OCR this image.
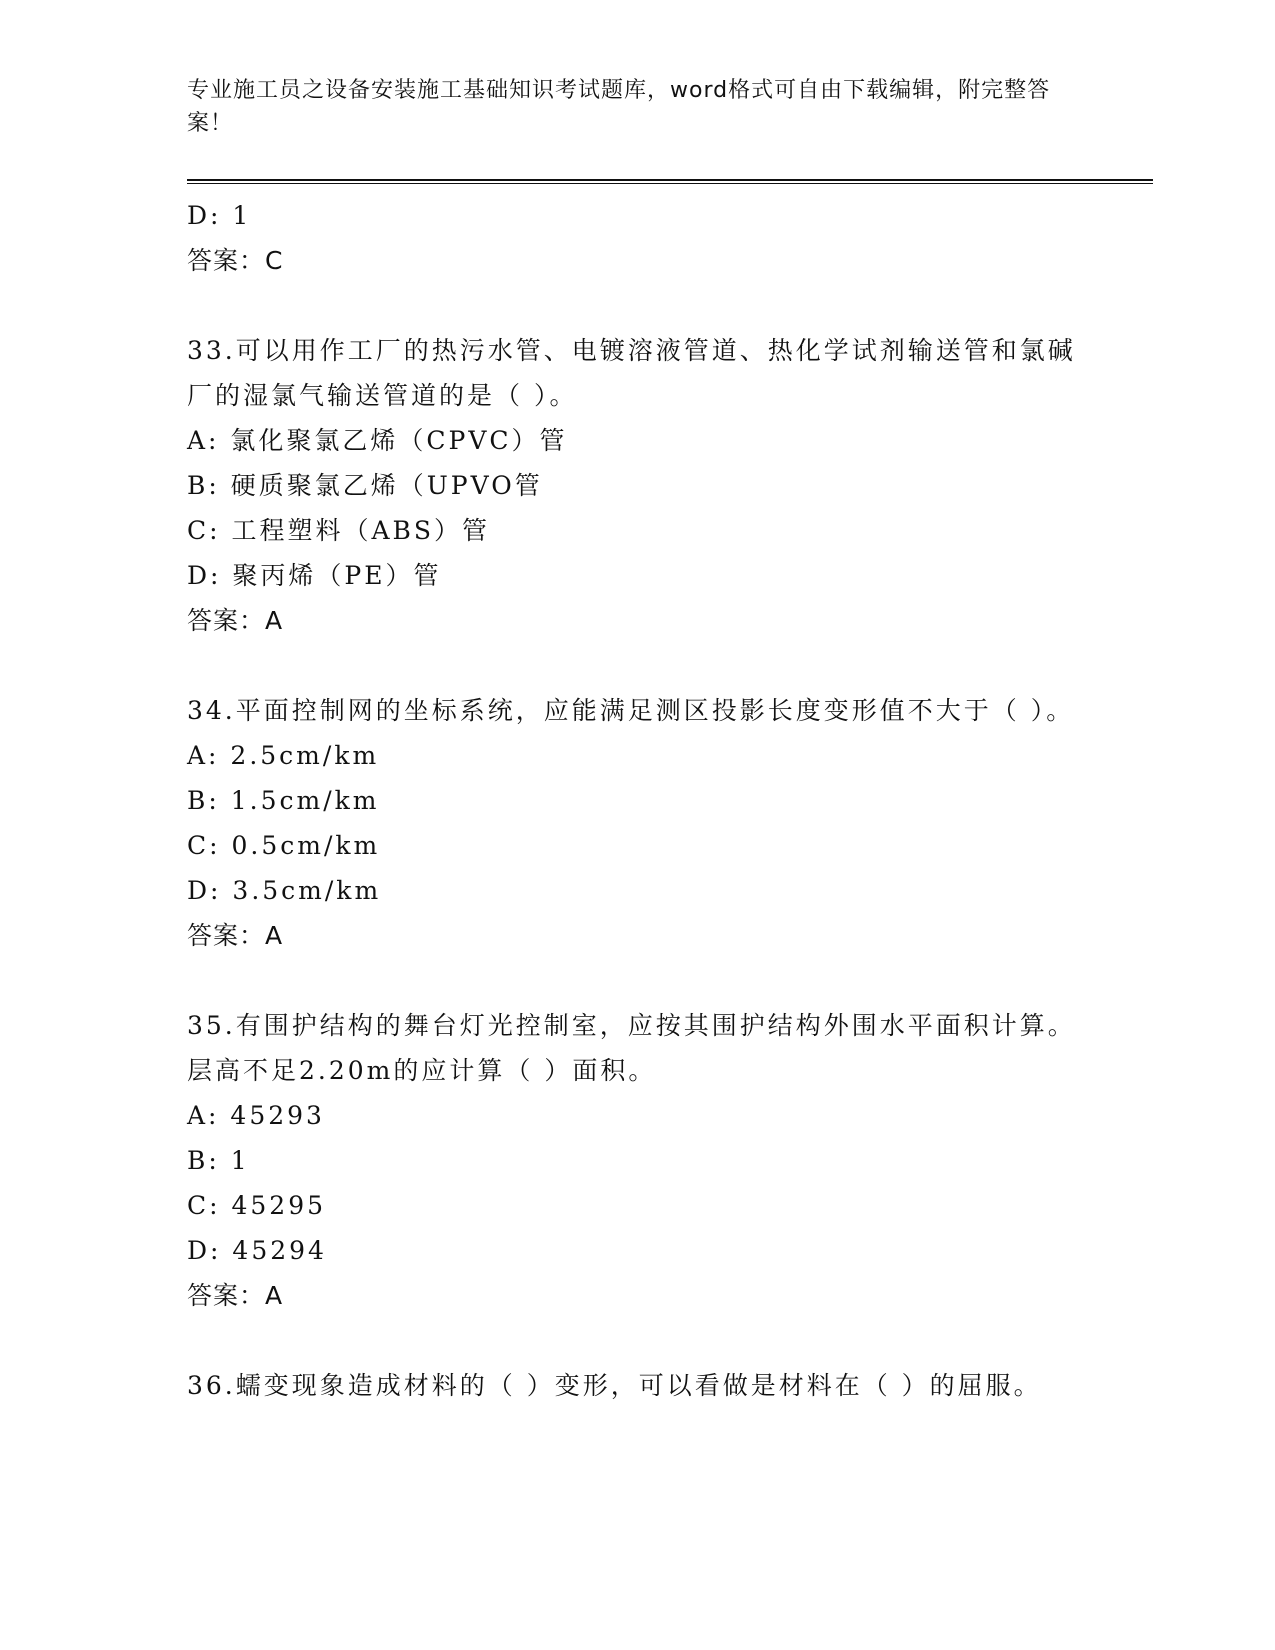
专业施工员之设备安装施工基础知识考试题库，word格式可自由下载编辑，附完整答案！
D: 1
答案：C
33.可以用作工厂的热污水管、电镀溶液管道、热化学试剂输送管和氯碱厂的湿氯气输送管道的是（ ）。
A: 氯化聚氯乙烯（CPVC）管
B: 硬质聚氯乙烯（UPVO管
C: 工程塑料（ABS）管
D: 聚丙烯（PE）管
答案：A
34.平面控制网的坐标系统，应能满足测区投影长度变形值不大于（ ）。
A: 2.5cm/km
B: 1.5cm/km
C: 0.5cm/km
D: 3.5cm/km
答案：A
35.有围护结构的舞台灯光控制室，应按其围护结构外围水平面积计算。层高不足2.20m的应计算（ ）面积。
A: 45293
B: 1
C: 45295
D: 45294
答案：A
36.蠕变现象造成材料的（ ）变形，可以看做是材料在（ ）的屈服。
